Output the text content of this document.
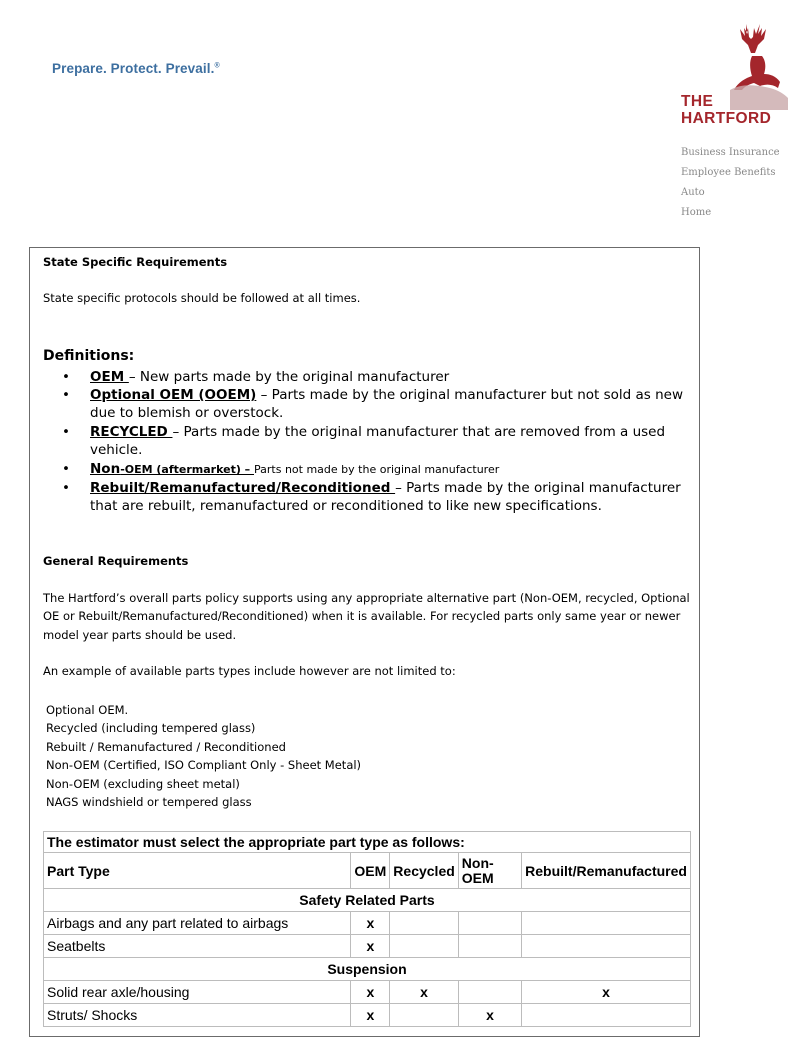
Prepare. Protect. Prevail.®
THE
HARTFORD
Business Insurance
Employee Benefits
Auto
Home
State Specific Requirements
State specific protocols should be followed at all times.
Definitions:
• OEM – New parts made by the original manufacturer
• Optional OEM (OOEM) – Parts made by the original manufacturer but not sold as new due to blemish or overstock.
• RECYCLED – Parts made by the original manufacturer that are removed from a used vehicle.
• Non-OEM (aftermarket) – Parts not made by the original manufacturer
• Rebuilt/Remanufactured/Reconditioned – Parts made by the original manufacturer that are rebuilt, remanufactured or reconditioned to like new specifications.
General Requirements
The Hartford’s overall parts policy supports using any appropriate alternative part (Non-OEM, recycled, Optional
OE or Rebuilt/Remanufactured/Reconditioned) when it is available. For recycled parts only same year or newer
model year parts should be used.
An example of available parts types include however are not limited to:
Optional OEM.
Recycled (including tempered glass)
Rebuilt / Remanufactured / Reconditioned
Non-OEM (Certified, ISO Compliant Only - Sheet Metal)
Non-OEM (excluding sheet metal)
NAGS windshield or tempered glass
The estimator must select the appropriate part type as follows:				
Part Type	OEM	Recycled	Non-OEM	Rebuilt/Remanufactured
Safety Related Parts				
Airbags and any part related to airbags	x			
Seatbelts	x			
Suspension				
Solid rear axle/housing	x	x		x
Struts/ Shocks	x		x	
